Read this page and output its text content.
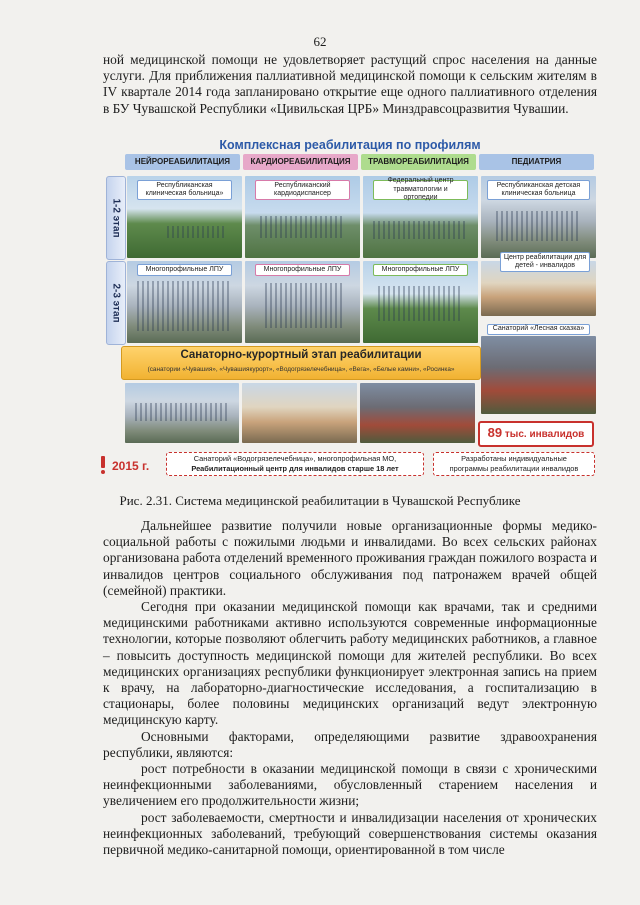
62

ной медицинской помощи не удовлетворяет растущий спрос населения на данные услуги. Для приближения паллиативной медицинской помощи к сельским жителям в IV квартале 2014 года запланировано открытие еще одного паллиативного отделения в БУ Чувашской Республики «Цивильская ЦРБ» Минздравсоцразвития Чувашии.

Комплексная реабилитация по профилям
НЕЙРОРЕАБИЛИТАЦИЯ	КАРДИОРЕАБИЛИТАЦИЯ	ТРАВМОРЕАБИЛИТАЦИЯ	ПЕДИАТРИЯ
1-2 этап
2-3 этап
Республиканская клиническая больница»
Многопрофильные ЛПУ
Республиканский кардиодиспансер
Многопрофильные ЛПУ
Федеральный центр травматологии и ортопедии
Многопрофильные ЛПУ
Республиканская детская клиническая больница
Центр реабилитации для детей - инвалидов
Санаторий «Лесная сказка»
Санаторно-курортный этап реабилитации
(санатории «Чувашия», «Чувашиякурорт», «Водогрязелечебница», «Вега», «Белые камни», «Росинка»
89 тыс. инвалидов
2015 г.
Санаторий «Водогрязелечебница», многопрофильная МО,
Реабилитационный центр для инвалидов старше 18 лет
Разработаны индивидуальные
программы реабилитации инвалидов
Рис. 2.31. Система медицинской реабилитации в Чувашской Республике

Дальнейшее развитие получили новые организационные формы медико-социальной работы с пожилыми людьми и инвалидами. Во всех сельских районах организована работа отделений временного проживания граждан пожилого возраста и инвалидов центров социального обслуживания под патронажем врачей общей (семейной) практики.

Сегодня при оказании медицинской помощи как врачами, так и средними медицинскими работниками активно используются современные информационные технологии, которые позволяют облегчить работу медицинских работников, а главное – повысить доступность медицинской помощи для жителей республики. Во всех медицинских организациях республики функционирует электронная запись на прием к врачу, на лабораторно-диагностические исследования, а госпитализацию в стационары, более половины медицинских организаций ведут электронную медицинскую карту.

Основными факторами, определяющими развитие здравоохранения республики, являются:

рост потребности в оказании медицинской помощи в связи с хроническими неинфекционными заболеваниями, обусловленный старением населения и увеличением его продолжительности жизни;

рост заболеваемости, смертности и инвалидизации населения от хронических неинфекционных заболеваний, требующий совершенствования системы оказания первичной медико-санитарной помощи, ориентированной в том числе
